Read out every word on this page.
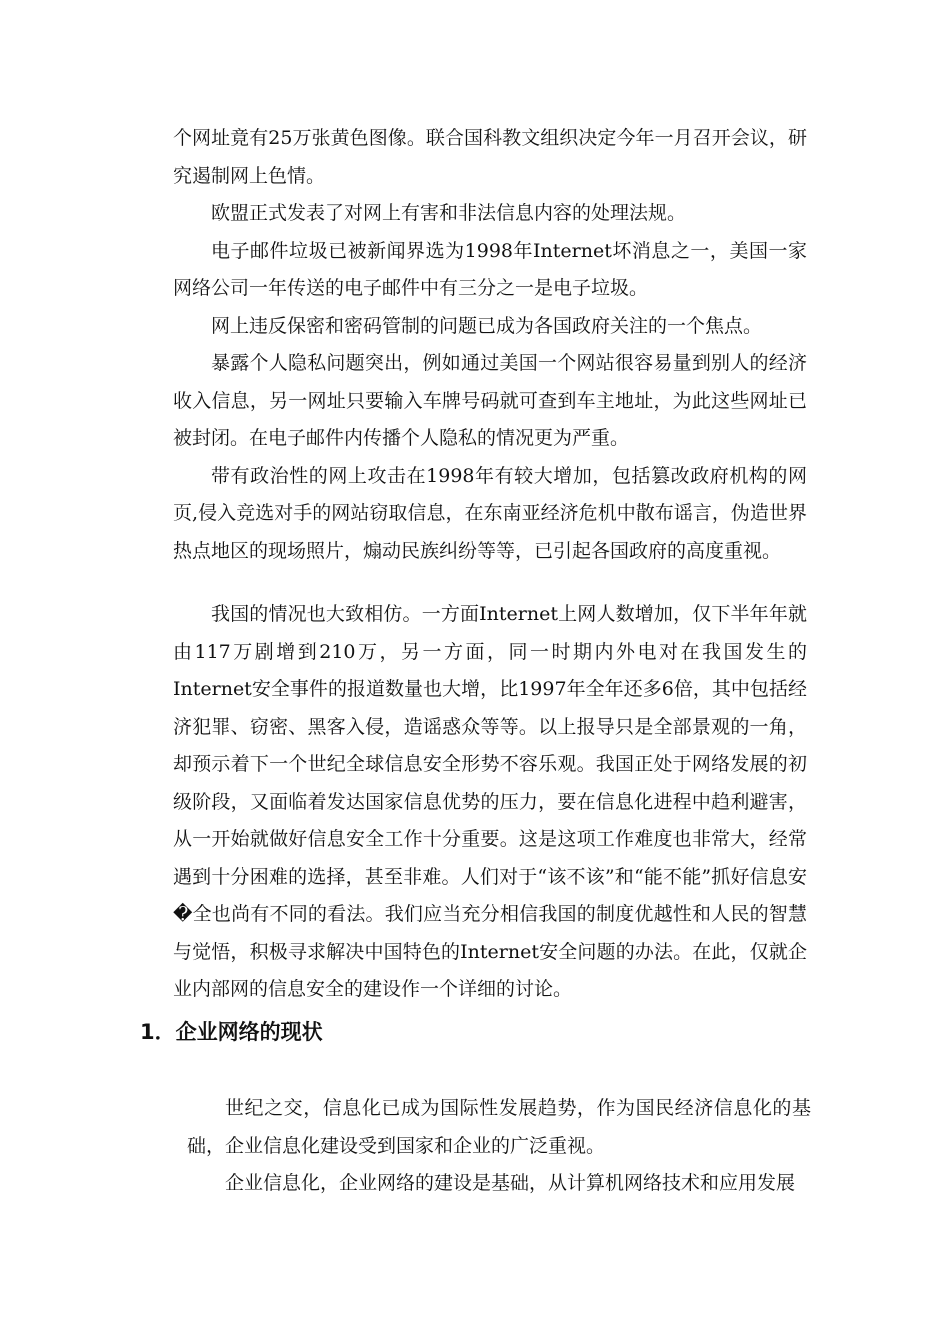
个网址竟有25万张黄色图像。联合国科教文组织决定今年一月召开会议，研究遏制网上色情。

欧盟正式发表了对网上有害和非法信息内容的处理法规。

电子邮件垃圾已被新闻界选为1998年Internet坏消息之一，美国一家网络公司一年传送的电子邮件中有三分之一是电子垃圾。

网上违反保密和密码管制的问题已成为各国政府关注的一个焦点。

暴露个人隐私问题突出，例如通过美国一个网站很容易量到别人的经济收入信息，另一网址只要输入车牌号码就可查到车主地址，为此这些网址已被封闭。在电子邮件内传播个人隐私的情况更为严重。

带有政治性的网上攻击在1998年有较大增加，包括篡改政府机构的网页,侵入竞选对手的网站窃取信息，在东南亚经济危机中散布谣言，伪造世界热点地区的现场照片，煽动民族纠纷等等，已引起各国政府的高度重视。

我国的情况也大致相仿。一方面Internet上网人数增加，仅下半年年就由117万剧增到210万，另一方面，同一时期内外电对在我国发生的Internet安全事件的报道数量也大增，比1997年全年还多6倍，其中包括经济犯罪、窃密、黑客入侵，造谣惑众等等。以上报导只是全部景观的一角，却预示着下一个世纪全球信息安全形势不容乐观。我国正处于网络发展的初级阶段，又面临着发达国家信息优势的压力，要在信息化进程中趋利避害，从一开始就做好信息安全工作十分重要。这是这项工作难度也非常大，经常遇到十分困难的选择，甚至非难。人们对于“该不该”和“能不能”抓好信息安�全也尚有不同的看法。我们应当充分相信我国的制度优越性和人民的智慧与觉悟，积极寻求解决中国特色的Internet安全问题的办法。在此，仅就企业内部网的信息安全的建设作一个详细的讨论。

1．企业网络的现状

世纪之交，信息化已成为国际性发展趋势，作为国民经济信息化的基础，企业信息化建设受到国家和企业的广泛重视。

企业信息化，企业网络的建设是基础，从计算机网络技术和应用发展
